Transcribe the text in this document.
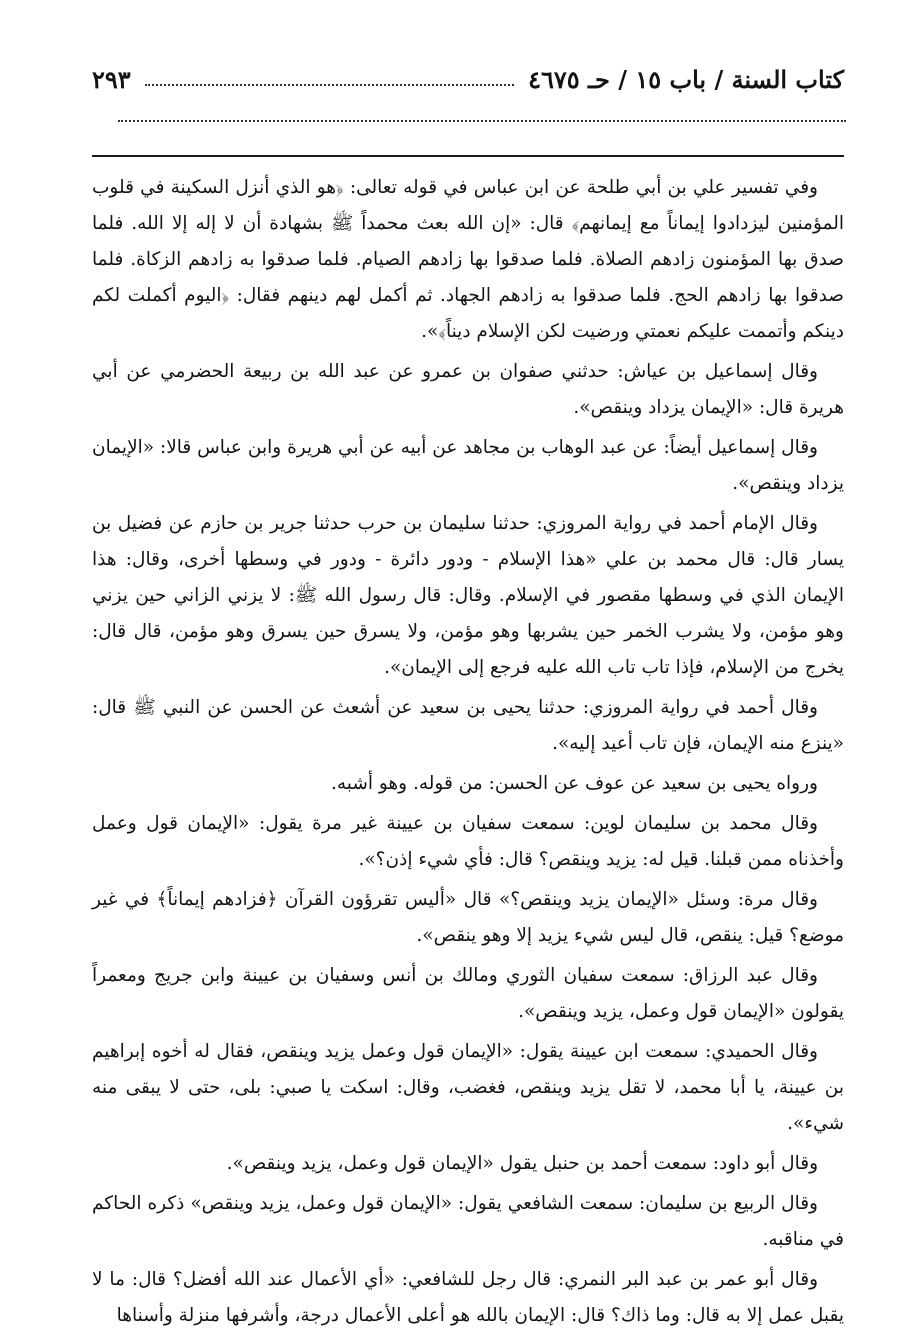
كتاب السنة / باب ١٥ / حـ ٤٦٧٥
٢٩٣

وفي تفسير علي بن أبي طلحة عن ابن عباس في قوله تعالى: ﴿هو الذي أنزل السكينة في قلوب المؤمنين ليزدادوا إيماناً مع إيمانهم﴾ قال: «إن الله بعث محمداً ﷺ بشهادة أن لا إله إلا الله. فلما صدق بها المؤمنون زادهم الصلاة. فلما صدقوا بها زادهم الصيام. فلما صدقوا به زادهم الزكاة. فلما صدقوا بها زادهم الحج. فلما صدقوا به زادهم الجهاد. ثم أكمل لهم دينهم فقال: ﴿اليوم أكملت لكم دينكم وأتممت عليكم نعمتي ورضيت لكن الإسلام ديناً﴾».

وقال إسماعيل بن عياش: حدثني صفوان بن عمرو عن عبد الله بن ربيعة الحضرمي عن أبي هريرة قال: «الإيمان يزداد وينقص».

وقال إسماعيل أيضاً: عن عبد الوهاب بن مجاهد عن أبيه عن أبي هريرة وابن عباس قالا: «الإيمان يزداد وينقص».

وقال الإمام أحمد في رواية المروزي: حدثنا سليمان بن حرب حدثنا جرير بن حازم عن فضيل بن يسار قال: قال محمد بن علي «هذا الإسلام - ودور دائرة - ودور في وسطها أخرى، وقال: هذا الإيمان الذي في وسطها مقصور في الإسلام. وقال: قال رسول الله ﷺ: لا يزني الزاني حين يزني وهو مؤمن، ولا يشرب الخمر حين يشربها وهو مؤمن، ولا يسرق حين يسرق وهو مؤمن، قال قال: يخرج من الإسلام، فإذا تاب تاب الله عليه فرجع إلى الإيمان».

وقال أحمد في رواية المروزي: حدثنا يحيى بن سعيد عن أشعث عن الحسن عن النبي ﷺ قال: «ينزع منه الإيمان، فإن تاب أعيد إليه».

ورواه يحيى بن سعيد عن عوف عن الحسن: من قوله. وهو أشبه.

وقال محمد بن سليمان لوين: سمعت سفيان بن عيينة غير مرة يقول: «الإيمان قول وعمل وأخذناه ممن قبلنا. قيل له: يزيد وينقص؟ قال: فأي شيء إذن؟».

وقال مرة: وسئل «الإيمان يزيد وينقص؟» قال «أليس تقرؤون القرآن ﴿فزادهم إيماناً﴾ في غير موضع؟ قيل: ينقص، قال ليس شيء يزيد إلا وهو ينقص».

وقال عبد الرزاق: سمعت سفيان الثوري ومالك بن أنس وسفيان بن عيينة وابن جريج ومعمراً يقولون «الإيمان قول وعمل، يزيد وينقص».

وقال الحميدي: سمعت ابن عيينة يقول: «الإيمان قول وعمل يزيد وينقص، فقال له أخوه إبراهيم بن عيينة، يا أبا محمد، لا تقل يزيد وينقص، فغضب، وقال: اسكت يا صبي: بلى، حتى لا يبقى منه شيء».

وقال أبو داود: سمعت أحمد بن حنبل يقول «الإيمان قول وعمل، يزيد وينقص».

وقال الربيع بن سليمان: سمعت الشافعي يقول: «الإيمان قول وعمل، يزيد وينقص» ذكره الحاكم في مناقبه.

وقال أبو عمر بن عبد البر النمري: قال رجل للشافعي: «أي الأعمال عند الله أفضل؟ قال: ما لا يقبل عمل إلا به قال: وما ذاك؟ قال: الإيمان بالله هو أعلى الأعمال درجة، وأشرفها منزلة وأسناها
